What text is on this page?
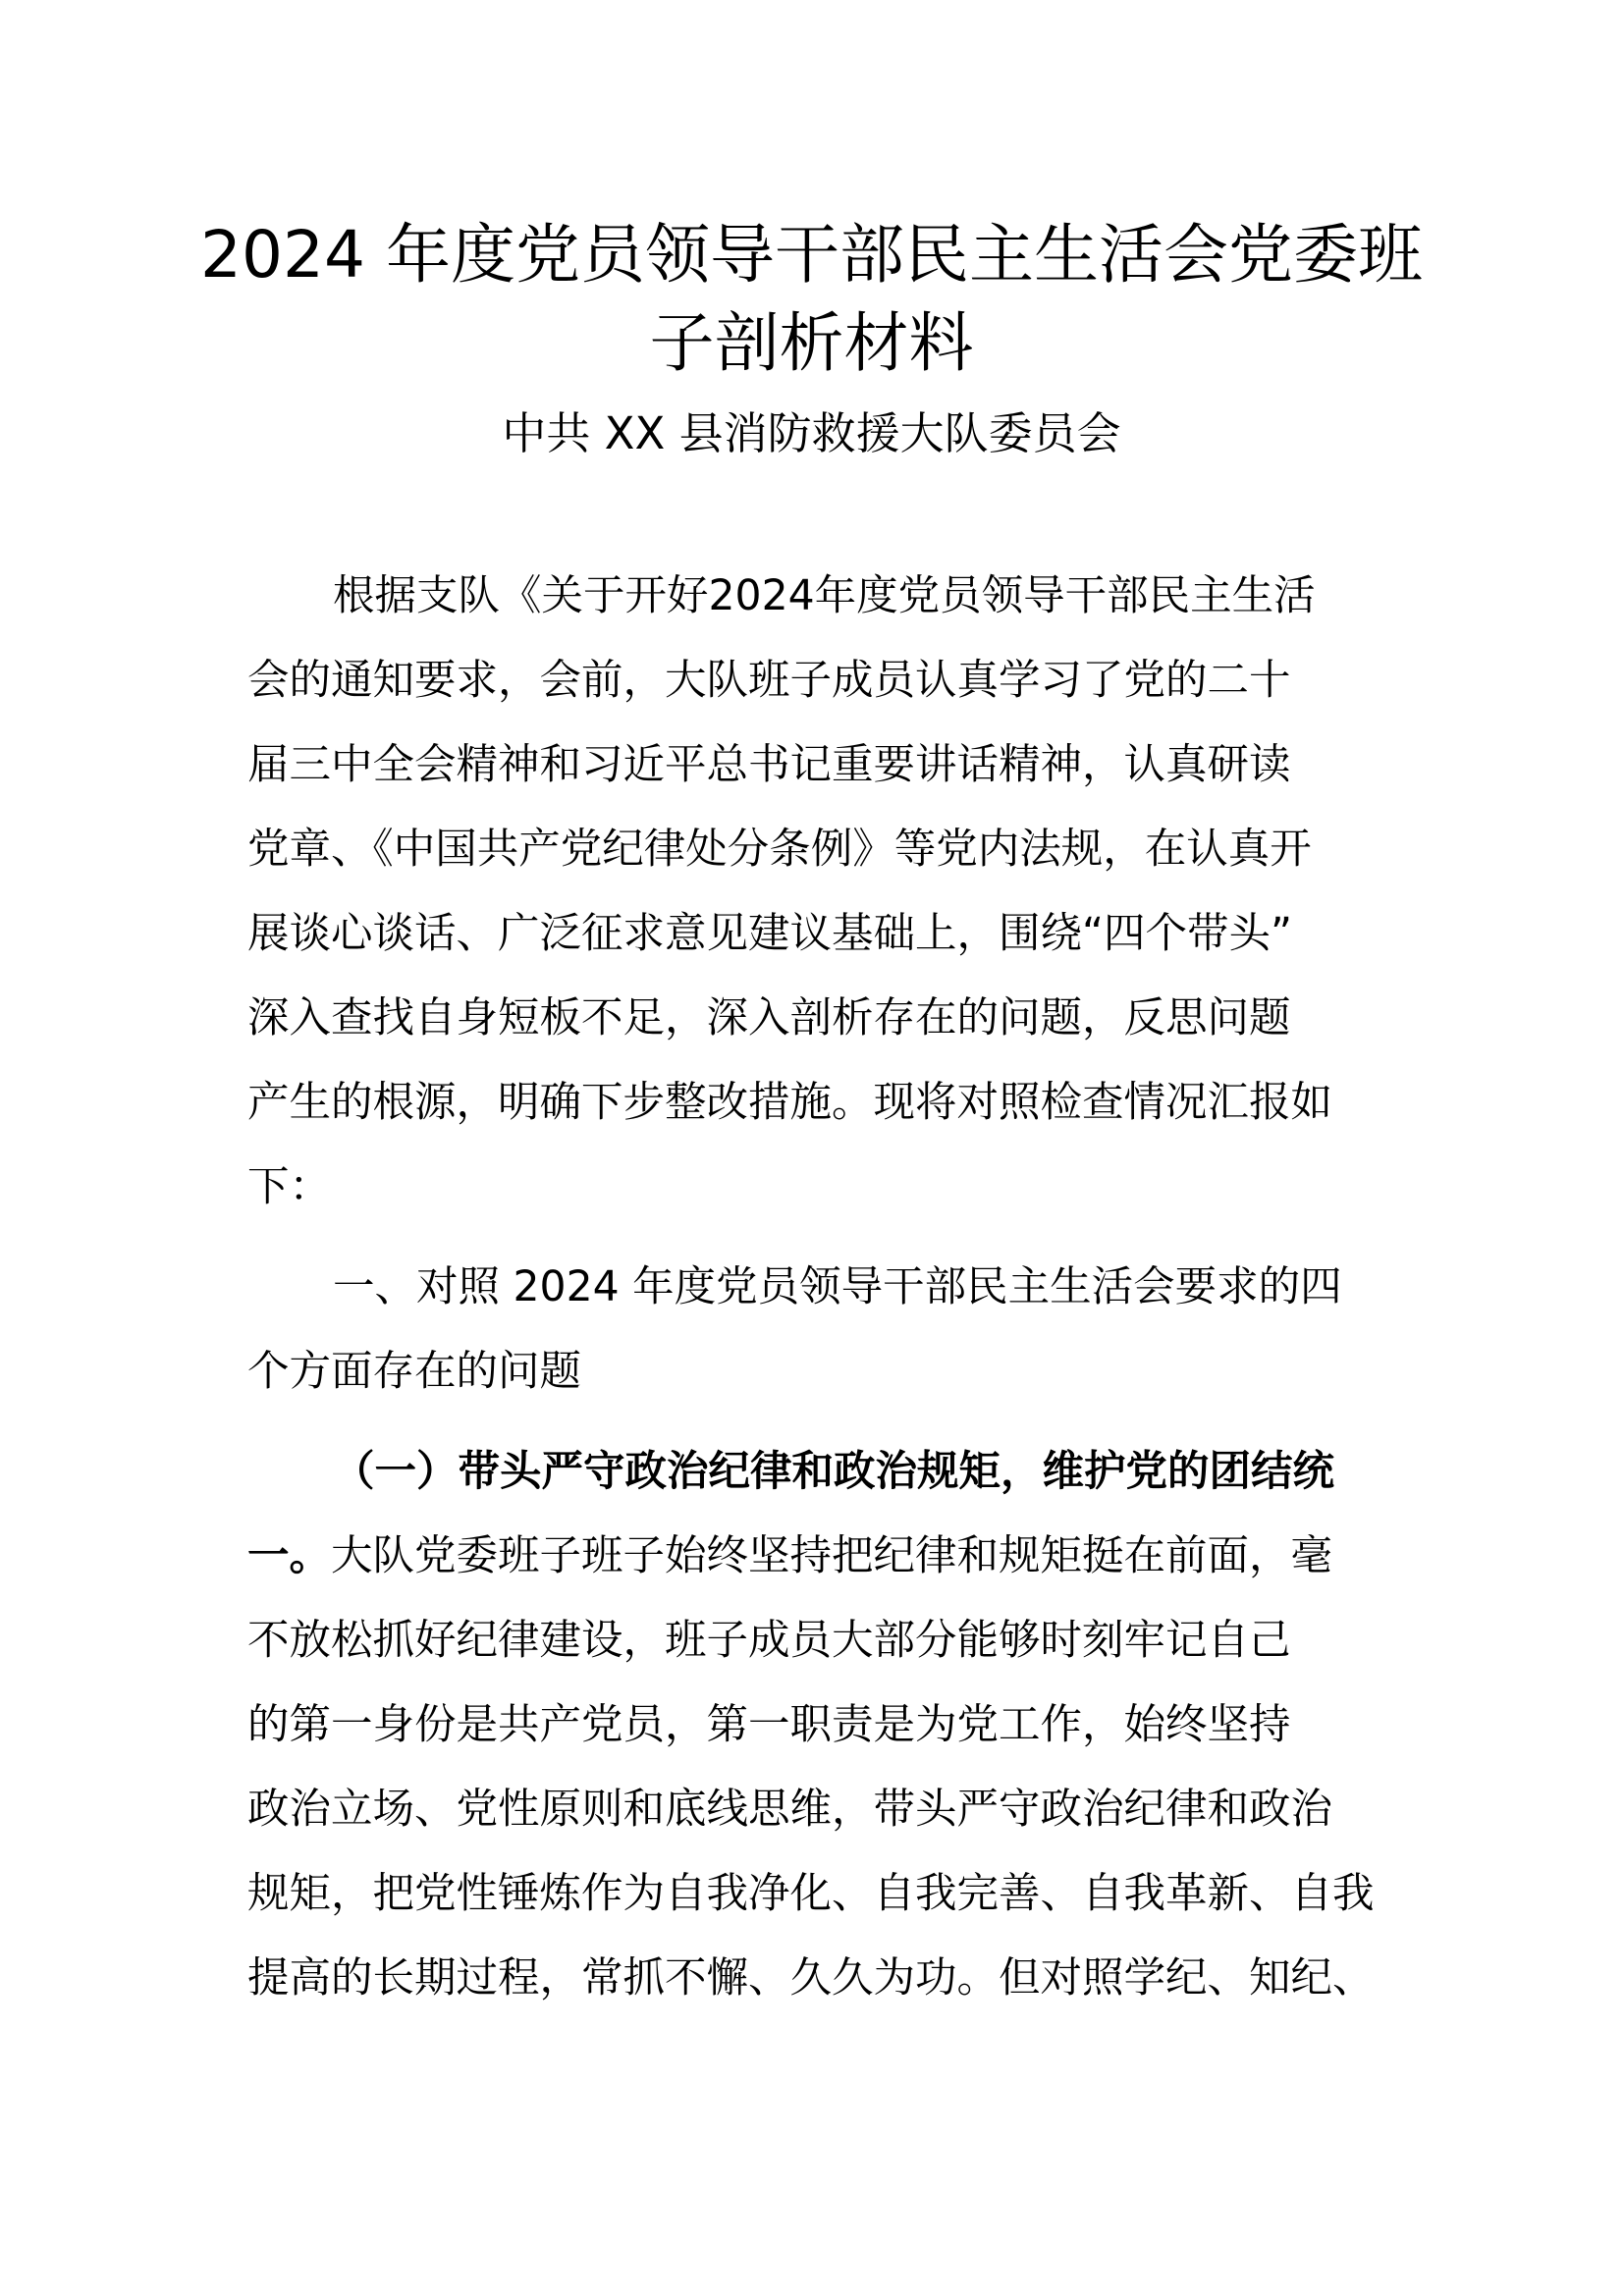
2024 年度党员领导干部民主生活会党委班
子剖析材料
中共 XX 县消防救援大队委员会
根据支队《关于开好2024年度党员领导干部民主生活
会的通知要求，会前，大队班子成员认真学习了党的二十
届三中全会精神和习近平总书记重要讲话精神，认真研读
党章、《中国共产党纪律处分条例》等党内法规，在认真开
展谈心谈话、广泛征求意见建议基础上，围绕“四个带头”
深入查找自身短板不足，深入剖析存在的问题，反思问题
产生的根源，明确下步整改措施。现将对照检查情况汇报如
下：
一、对照 2024 年度党员领导干部民主生活会要求的四
个方面存在的问题
（一）带头严守政治纪律和政治规矩，维护党的团结统
一。大队党委班子班子始终坚持把纪律和规矩挺在前面，毫
不放松抓好纪律建设，班子成员大部分能够时刻牢记自己
的第一身份是共产党员，第一职责是为党工作，始终坚持
政治立场、党性原则和底线思维，带头严守政治纪律和政治
规矩，把党性锤炼作为自我净化、自我完善、自我革新、自我
提高的长期过程，常抓不懈、久久为功。但对照学纪、知纪、
